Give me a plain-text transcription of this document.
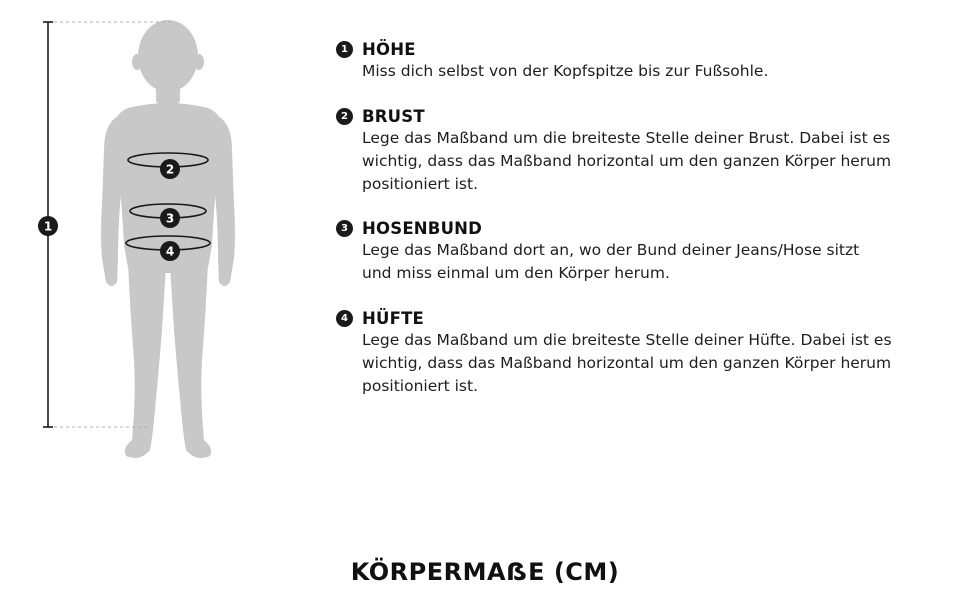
1
2
3
4
1 HÖHE
Miss dich selbst von der Kopfspitze bis zur Fußsohle.
2 BRUST
Lege das Maßband um die breiteste Stelle deiner Brust. Dabei ist es
wichtig, dass das Maßband horizontal um den ganzen Körper herum
positioniert ist.
3 HOSENBUND
Lege das Maßband dort an, wo der Bund deiner Jeans/Hose sitzt
und miss einmal um den Körper herum.
4 HÜFTE
Lege das Maßband um die breiteste Stelle deiner Hüfte. Dabei ist es
wichtig, dass das Maßband horizontal um den ganzen Körper herum
positioniert ist.
KÖRPERMAẞE (CM)
